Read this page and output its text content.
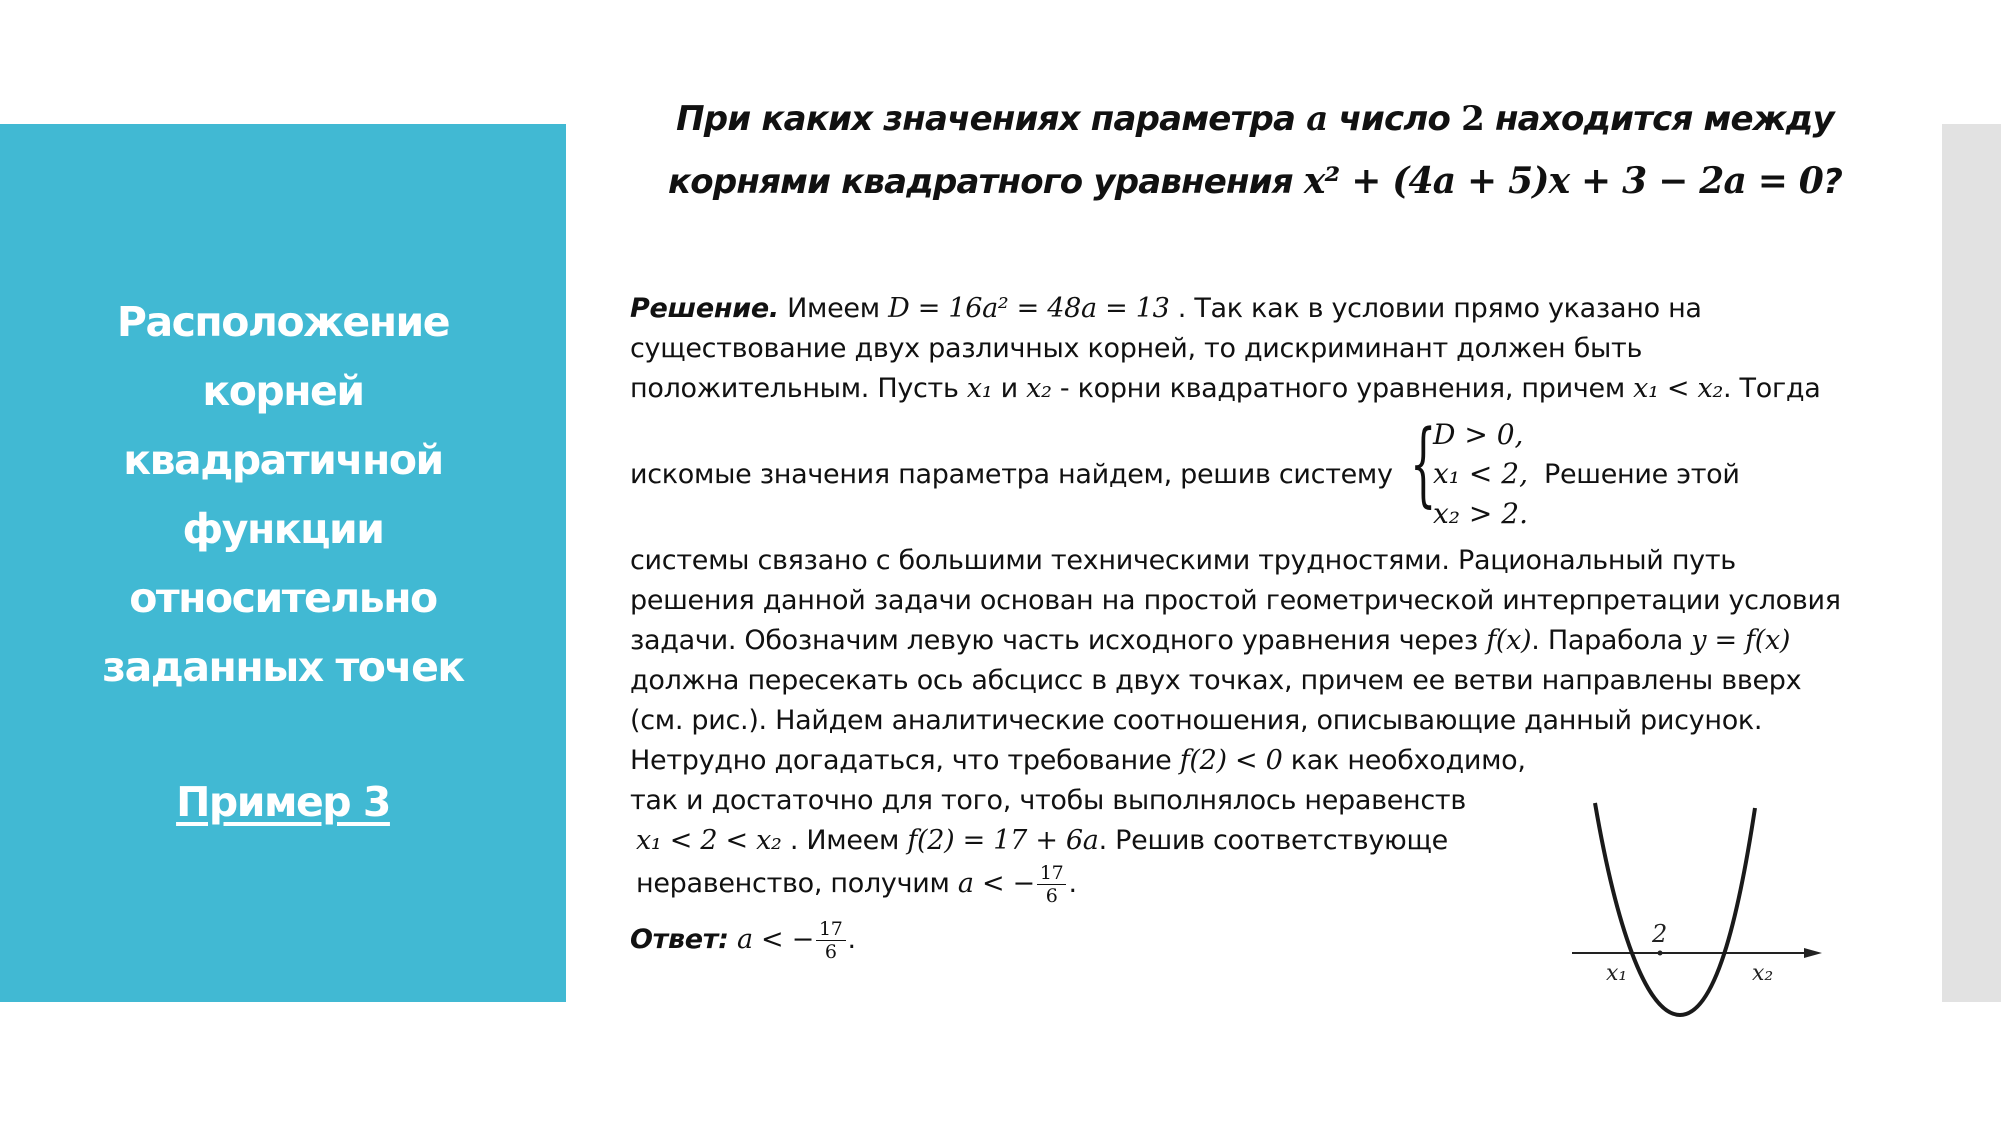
Расположение
корней
квадратичной
функции
относительно
заданных точек
Пример 3
При каких значениях параметра a число 2 находится между
корнями квадратного уравнения x² + (4a + 5)x + 3 − 2a = 0?
Решение. Имеем D = 16a² = 48a = 13 . Так как в условии прямо указано на
существование двух различных корней, то дискриминант должен быть
положительным. Пусть x₁ и x₂ - корни квадратного уравнения, причем x₁ < x₂. Тогда
искомые значения параметра найдем, решив систему {
D > 0,
x₁ < 2,
x₂ > 2.
Решение этой
системы связано с большими техническими трудностями. Рациональный путь
решения данной задачи основан на простой геометрической интерпретации условия
задачи. Обозначим левую часть исходного уравнения через f(x). Парабола y = f(x)
должна пересекать ось абсцисс в двух точках, причем ее ветви направлены вверх
(см. рис.). Найдем аналитические соотношения, описывающие данный рисунок.
Нетрудно догадаться, что требование f(2) < 0 как необходимо,
так и достаточно для того, чтобы выполнялось неравенств
x₁ < 2 < x₂ . Имеем f(2) = 17 + 6a. Решив соответствующе
неравенство, получим a < − $\frac{17}{6}$ .
Ответ: a < − $\frac{17}{6}$ .	2
x₁	x₂
